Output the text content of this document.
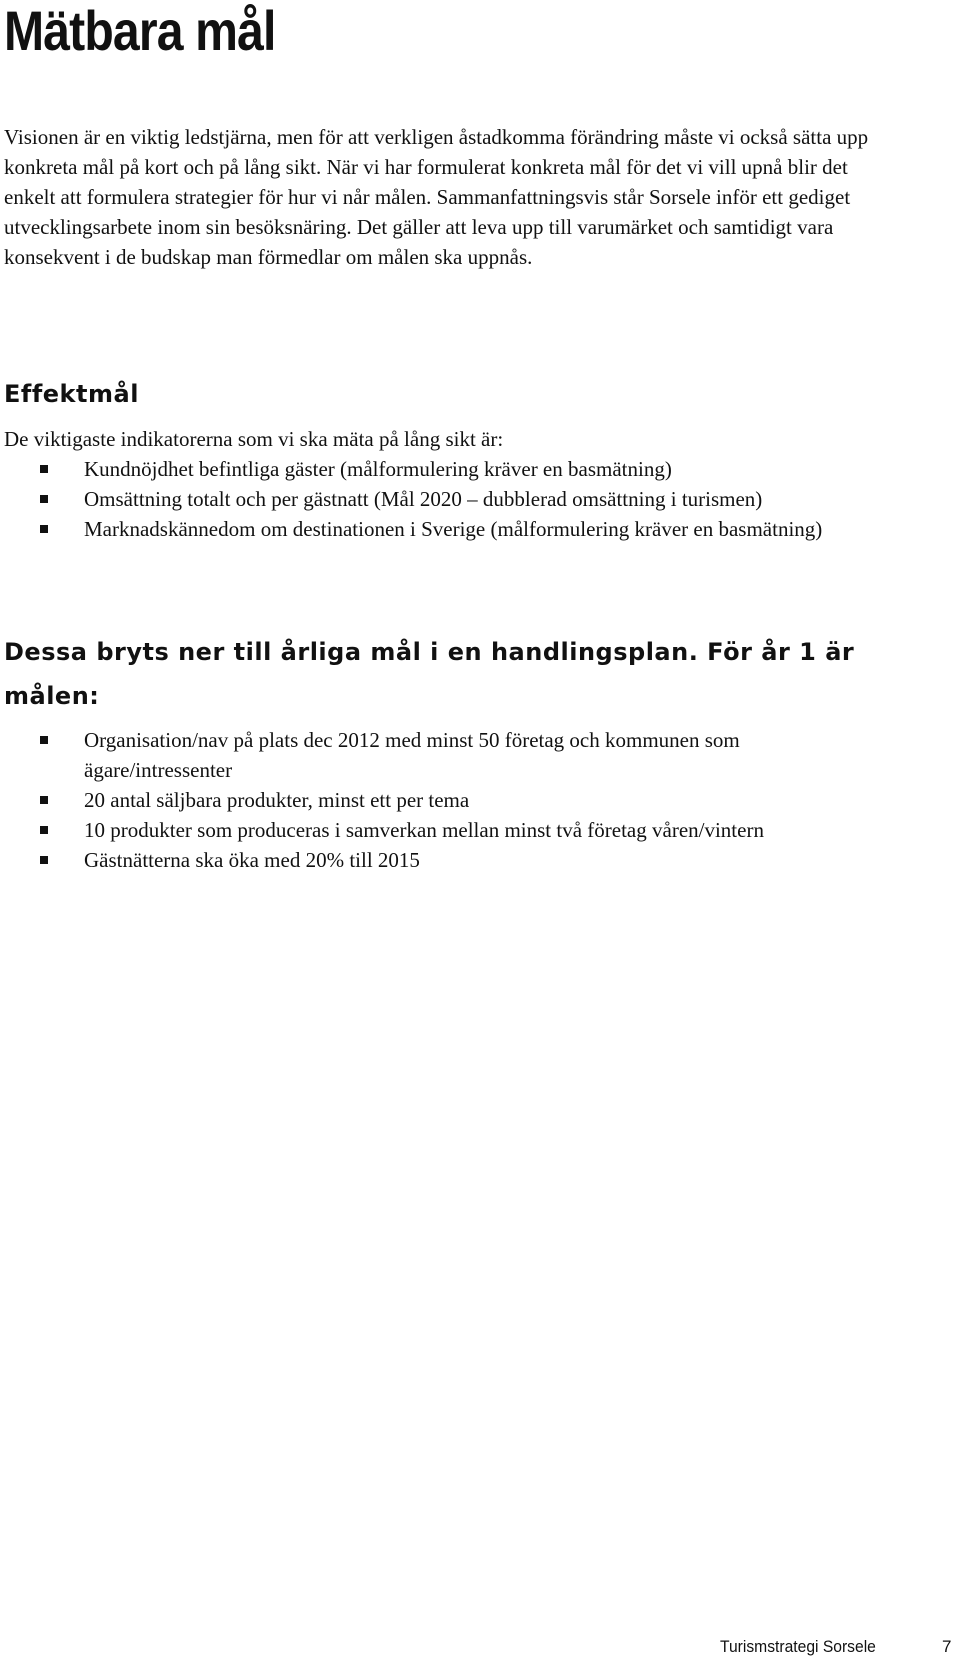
Mätbara mål

Visionen är en viktig ledstjärna, men för att verkligen åstadkomma förändring måste vi också sätta upp konkreta mål på kort och på lång sikt. När vi har formulerat konkreta mål för det vi vill upnå blir det enkelt att formulera strategier för hur vi når målen. Sammanfattningsvis står Sorsele inför ett gediget utvecklingsarbete inom sin besöksnäring. Det gäller att leva upp till varumärket och samtidigt vara konsekvent i de budskap man förmedlar om målen ska uppnås.

Effektmål

De viktigaste indikatorerna som vi ska mäta på lång sikt är:

Kundnöjdhet befintliga gäster (målformulering kräver en basmätning)
Omsättning totalt och per gästnatt (Mål 2020 – dubblerad omsättning i turismen)
Marknadskännedom om destinationen i Sverige (målformulering kräver en basmätning)
Dessa bryts ner till årliga mål i en handlingsplan. För år 1 är målen:
Organisation/nav på plats dec 2012 med minst 50 företag och kommunen som ägare/intressenter
20 antal säljbara produkter, minst ett per tema
10 produkter som produceras i samverkan mellan minst två företag våren/vintern
Gästnätterna ska öka med 20% till 2015
Turismstrategi Sorsele	7
